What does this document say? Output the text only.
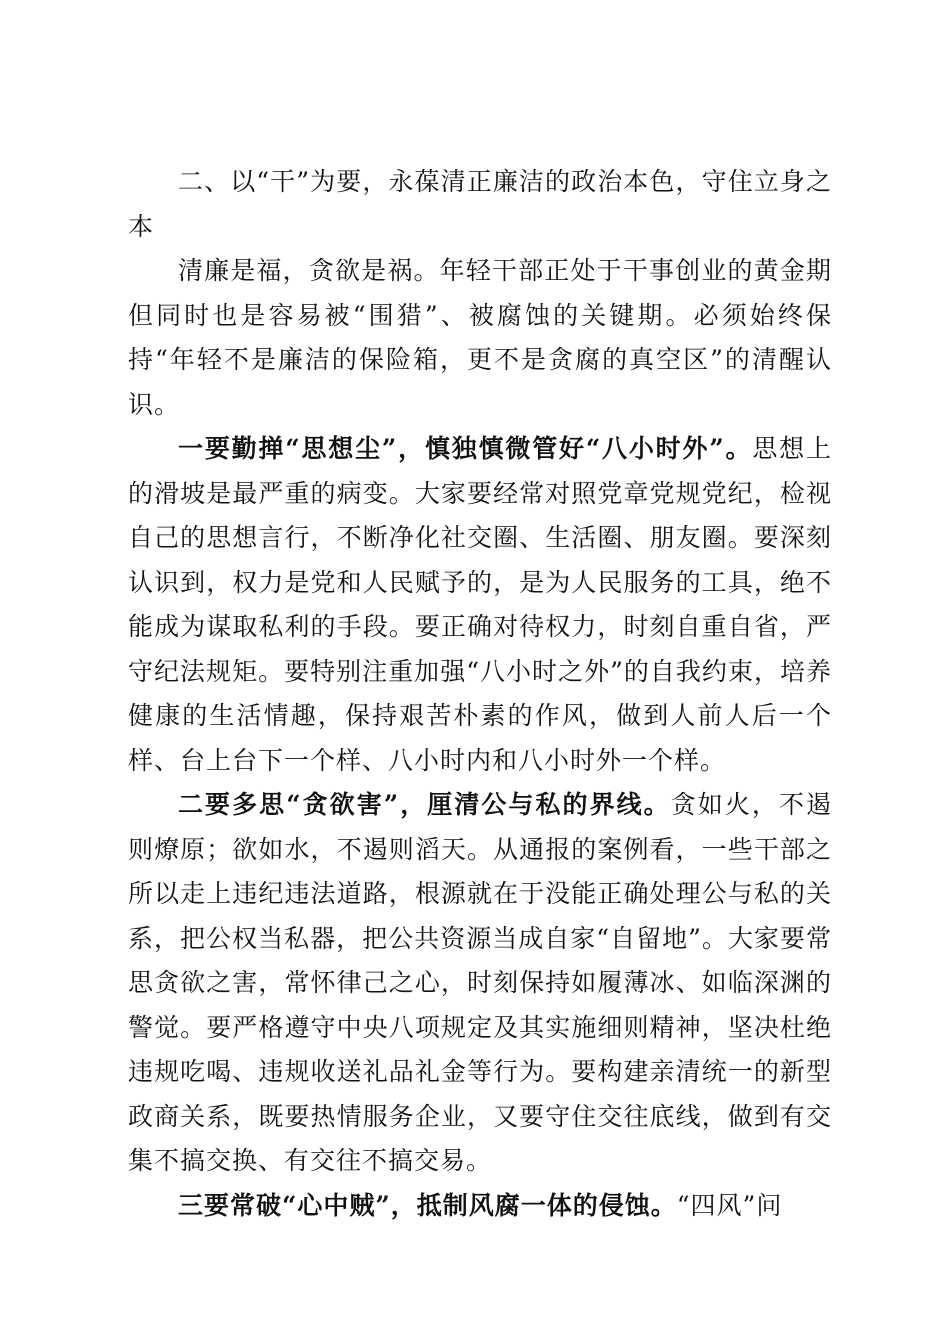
二、以“干”为要，永葆清正廉洁的政治本色，守住立身之本

清廉是福，贪欲是祸。年轻干部正处于干事创业的黄金期但同时也是容易被“围猎”、被腐蚀的关键期。必须始终保持“年轻不是廉洁的保险箱，更不是贪腐的真空区”的清醒认识。

一要勤掸“思想尘”，慎独慎微管好“八小时外”。思想上的滑坡是最严重的病变。大家要经常对照党章党规党纪，检视自己的思想言行，不断净化社交圈、生活圈、朋友圈。要深刻认识到，权力是党和人民赋予的，是为人民服务的工具，绝不能成为谋取私利的手段。要正确对待权力，时刻自重自省，严守纪法规矩。要特别注重加强“八小时之外”的自我约束，培养健康的生活情趣，保持艰苦朴素的作风，做到人前人后一个样、台上台下一个样、八小时内和八小时外一个样。

二要多思“贪欲害”，厘清公与私的界线。贪如火，不遏则燎原；欲如水，不遏则滔天。从通报的案例看，一些干部之所以走上违纪违法道路，根源就在于没能正确处理公与私的关系，把公权当私器，把公共资源当成自家“自留地”。大家要常思贪欲之害，常怀律己之心，时刻保持如履薄冰、如临深渊的警觉。要严格遵守中央八项规定及其实施细则精神，坚决杜绝违规吃喝、违规收送礼品礼金等行为。要构建亲清统一的新型政商关系，既要热情服务企业，又要守住交往底线，做到有交集不搞交换、有交往不搞交易。

三要常破“心中贼”，抵制风腐一体的侵蚀。“四风”问
